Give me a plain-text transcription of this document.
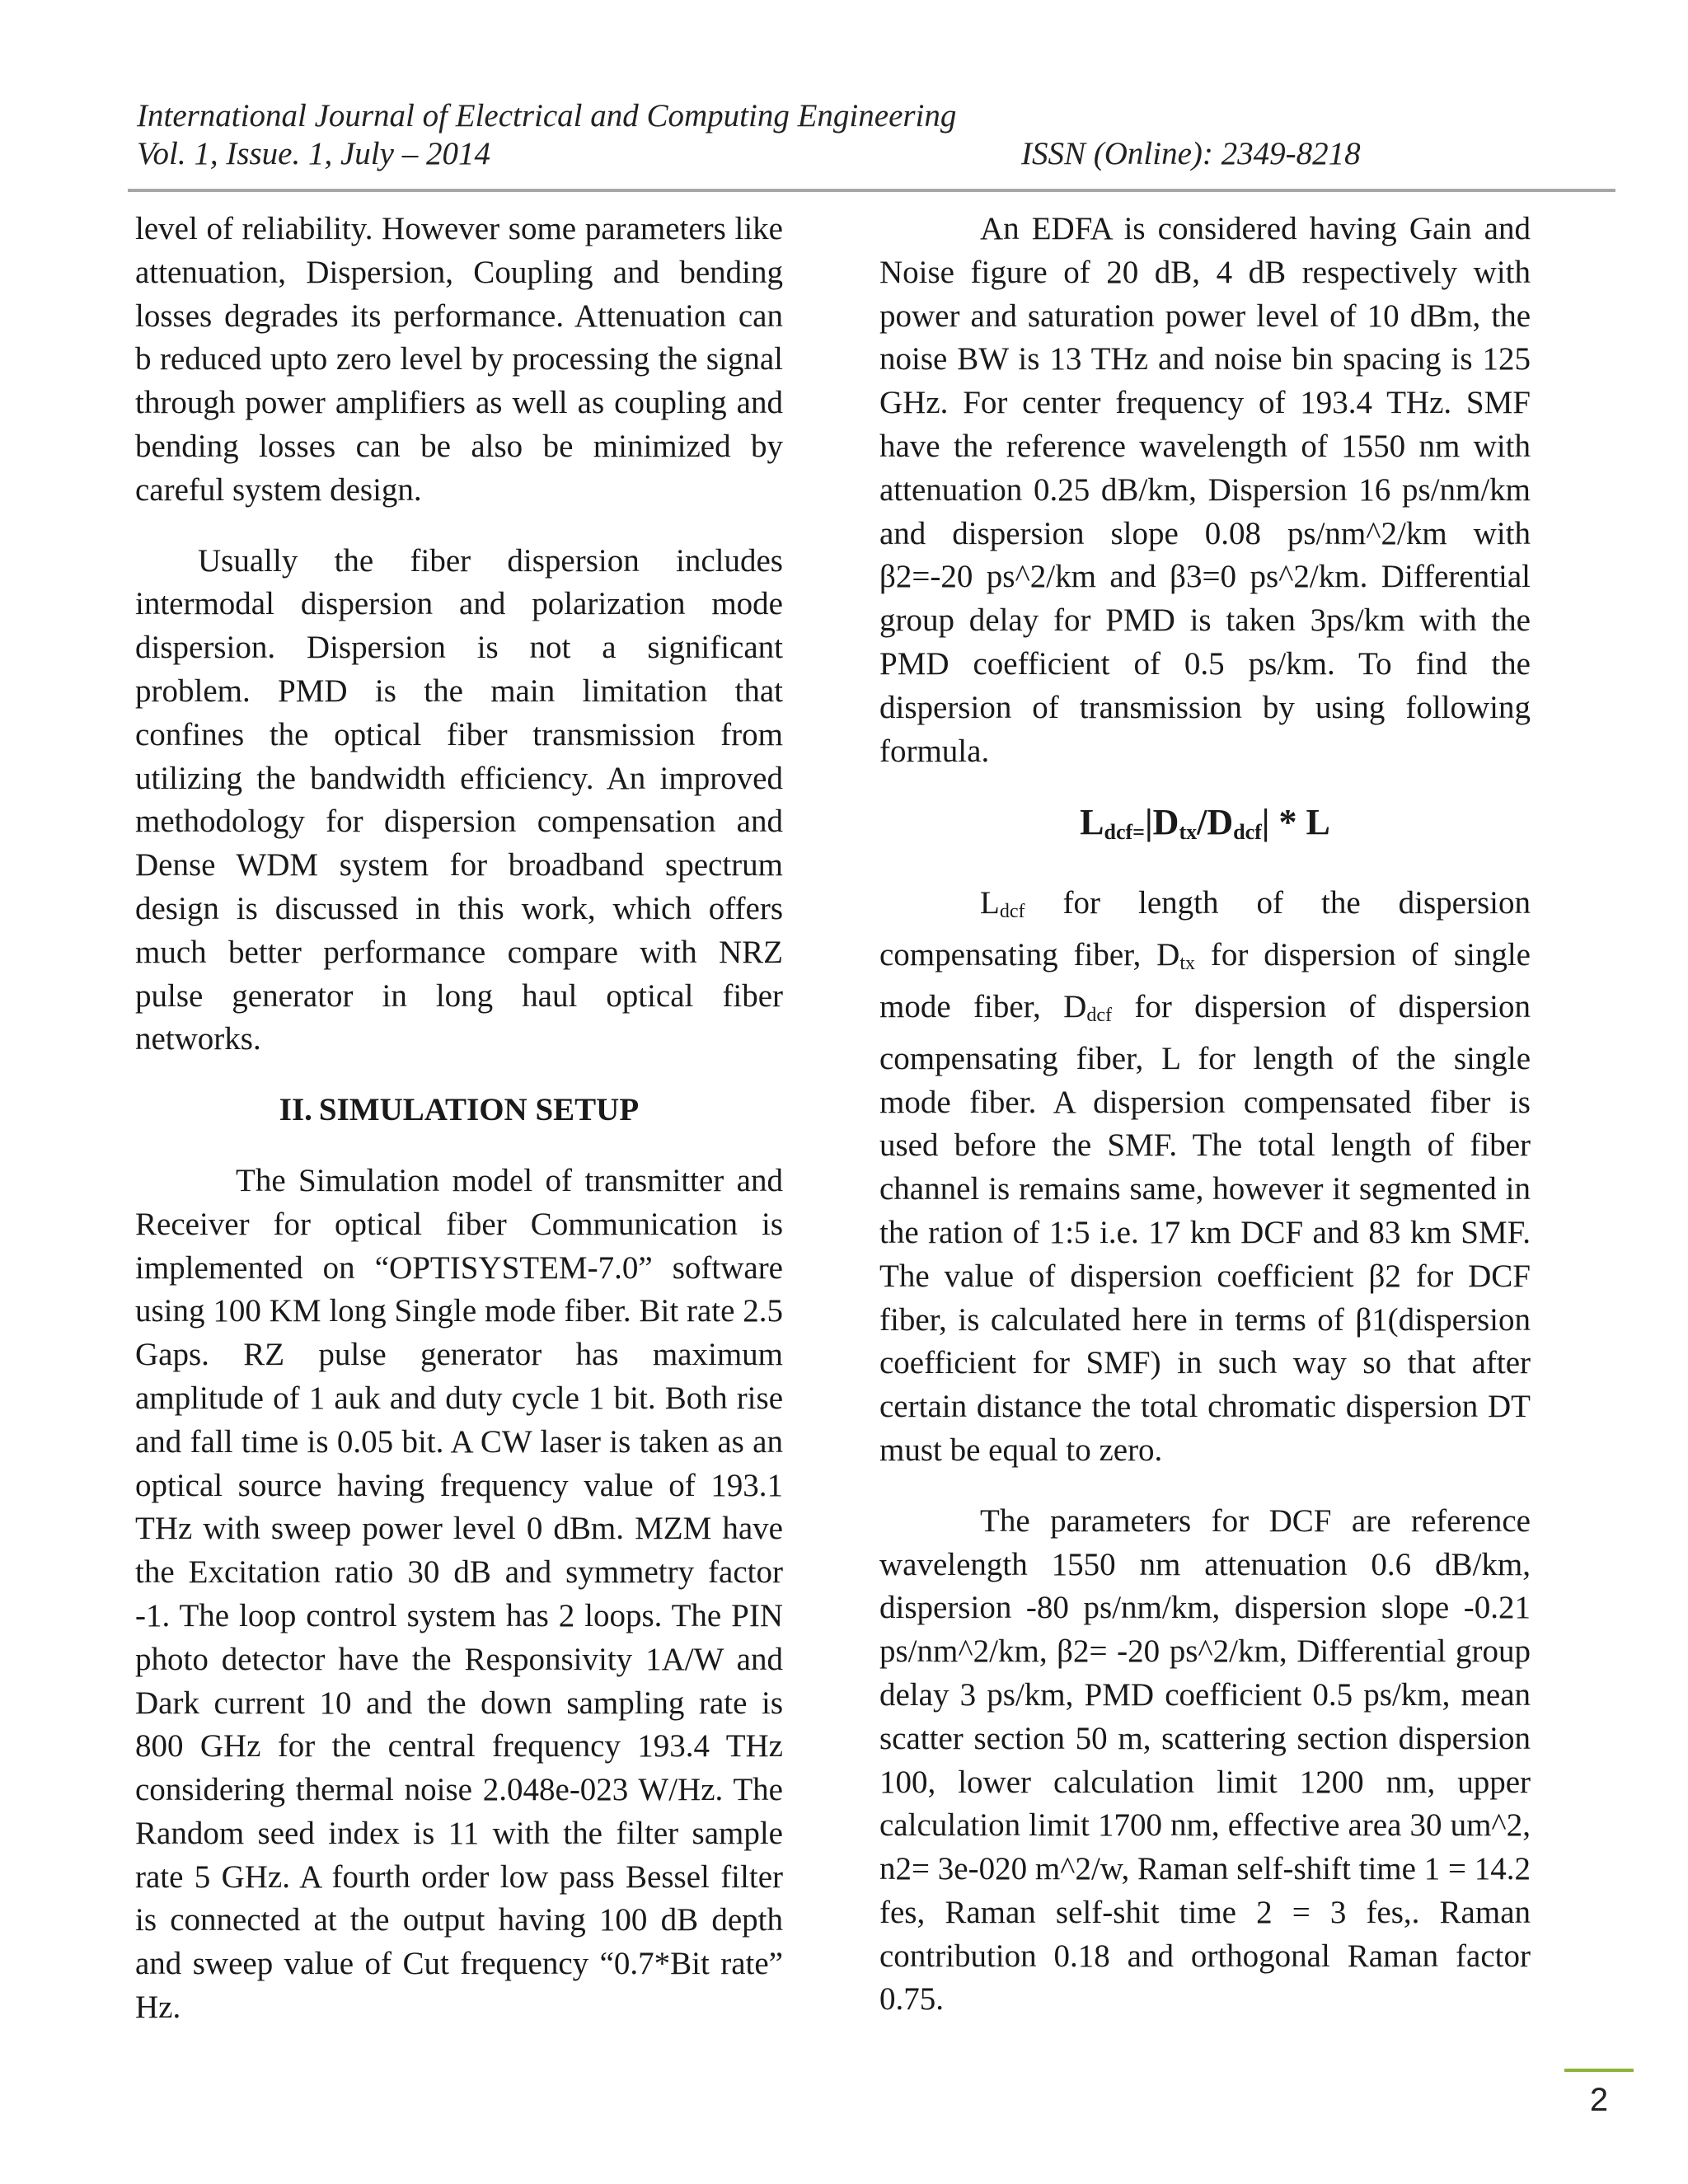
International Journal of Electrical and Computing Engineering
Vol. 1, Issue. 1, July – 2014	ISSN (Online): 2349-8218

level of reliability. However some parameters like attenuation, Dispersion, Coupling and bending losses degrades its performance. Attenuation can b reduced upto zero level by processing the signal through power amplifiers as well as coupling and bending losses can be also be minimized by careful system design.

Usually the fiber dispersion includes intermodal dispersion and polarization mode dispersion. Dispersion is not a significant problem. PMD is the main limitation that confines the optical fiber transmission from utilizing the bandwidth efficiency. An improved methodology for dispersion compensation and Dense WDM system for broadband spectrum design is discussed in this work, which offers much better performance compare with NRZ pulse generator in long haul optical fiber networks.

II. SIMULATION SETUP

The Simulation model of transmitter and Receiver for optical fiber Communication is implemented on “OPTISYSTEM-7.0” software using 100 KM long Single mode fiber. Bit rate 2.5 Gaps. RZ pulse generator has maximum amplitude of 1 auk and duty cycle 1 bit. Both rise and fall time is 0.05 bit. A CW laser is taken as an optical source having frequency value of 193.1 THz with sweep power level 0 dBm. MZM have the Excitation ratio 30 dB and symmetry factor -1. The loop control system has 2 loops. The PIN photo detector have the Responsivity 1A/W and Dark current 10 and the down sampling rate is 800 GHz for the central frequency 193.4 THz considering thermal noise 2.048e-023 W/Hz. The Random seed index is 11 with the filter sample rate 5 GHz. A fourth order low pass Bessel filter is connected at the output having 100 dB depth and sweep value of Cut frequency “0.7*Bit rate” Hz.

An EDFA is considered having Gain and Noise figure of 20 dB, 4 dB respectively with power and saturation power level of 10 dBm, the noise BW is 13 THz and noise bin spacing is 125 GHz. For center frequency of 193.4 THz. SMF have the reference wavelength of 1550 nm with attenuation 0.25 dB/km, Dispersion 16 ps/nm/km and dispersion slope 0.08 ps/nm^2/km with β2=-20 ps^2/km and β3=0 ps^2/km. Differential group delay for PMD is taken 3ps/km with the PMD coefficient of 0.5 ps/km. To find the dispersion of transmission by using following formula.

$L_{dcf=}|D_{tx}/D_{dcf}|$ * L

$L_{dcf}$ for length of the dispersion compensating fiber, $D_{tx}$ for dispersion of single mode fiber, $D_{dcf}$ for dispersion of dispersion compensating fiber, L for length of the single mode fiber. A dispersion compensated fiber is used before the SMF. The total length of fiber channel is remains same, however it segmented in the ration of 1:5 i.e. 17 km DCF and 83 km SMF. The value of dispersion coefficient β2 for DCF fiber, is calculated here in terms of β1(dispersion coefficient for SMF) in such way so that after certain distance the total chromatic dispersion DT must be equal to zero.

The parameters for DCF are reference wavelength 1550 nm attenuation 0.6 dB/km, dispersion -80 ps/nm/km, dispersion slope -0.21 ps/nm^2/km, β2= -20 ps^2/km, Differential group delay 3 ps/km, PMD coefficient 0.5 ps/km, mean scatter section 50 m, scattering section dispersion 100, lower calculation limit 1200 nm, upper calculation limit 1700 nm, effective area 30 um^2, n2= 3e-020 m^2/w, Raman self-shift time 1 = 14.2 fes, Raman self-shit time 2 = 3 fes,. Raman contribution 0.18 and orthogonal Raman factor 0.75.

2
